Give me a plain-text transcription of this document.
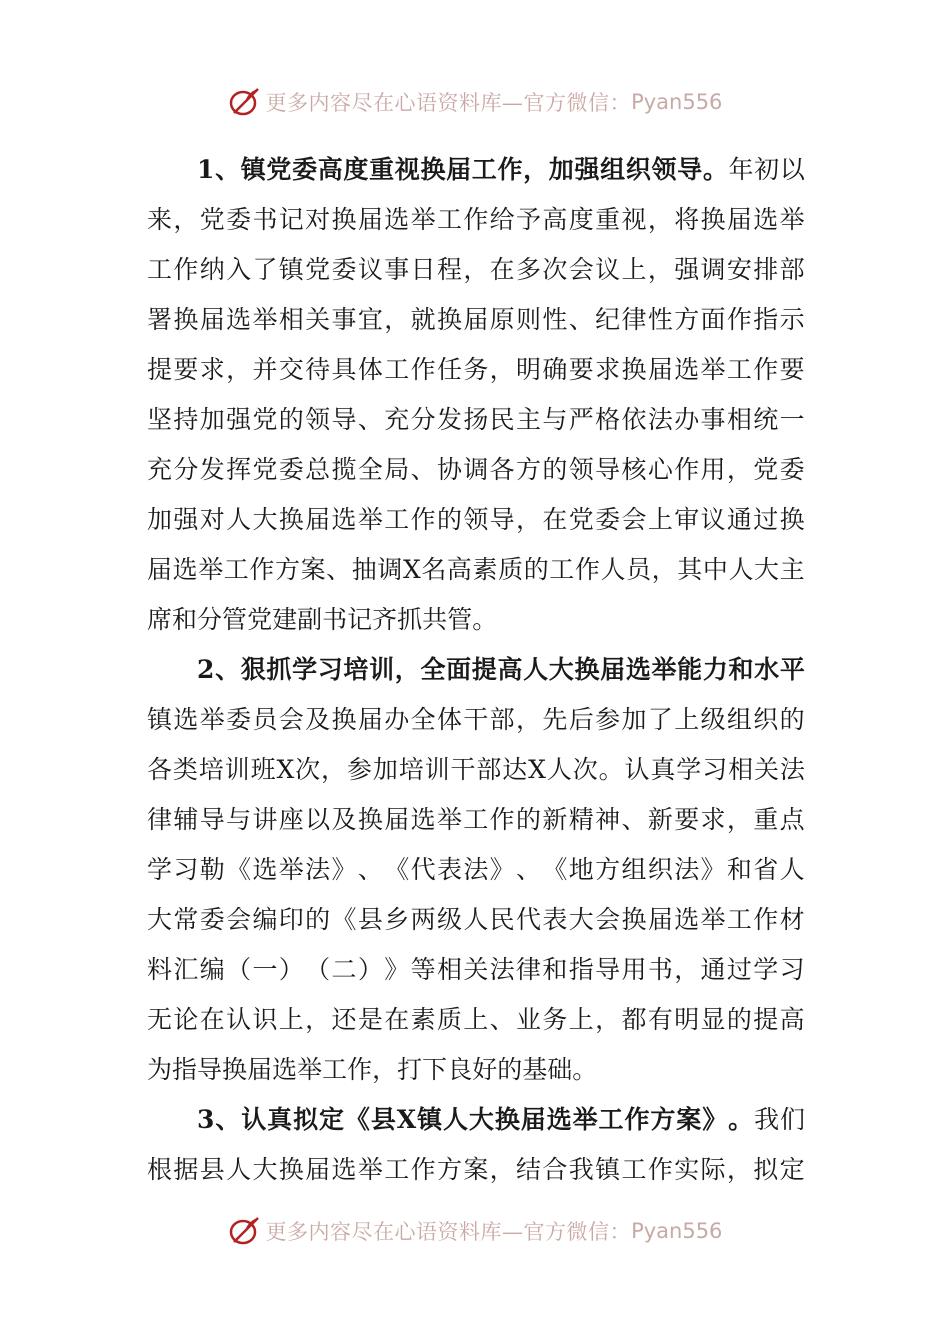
更多内容尽在心语资料库—官方微信： Pyan556
1 、 镇 党 委 高 度 重 视 换 届 工 作 ， 加 强 组 织 领 导 。 年 初 以
来 ， 党 委 书 记 对 换 届 选 举 工 作 给 予 高 度 重 视 ， 将 换 届 选 举
工 作 纳 入 了 镇 党 委 议 事 日 程 ， 在 多 次 会 议 上 ， 强 调 安 排 部
署 换 届 选 举 相 关 事 宜 ， 就 换 届 原 则 性 、 纪 律 性 方 面 作 指 示
提 要 求 ， 并 交 待 具 体 工 作 任 务 ， 明 确 要 求 换 届 选 举 工 作 要
坚 持 加 强 党 的 领 导 、 充 分 发 扬 民 主 与 严 格 依 法 办 事 相 统 一
充 分 发 挥 党 委 总 揽 全 局 、 协 调 各 方 的 领 导 核 心 作 用 ， 党 委
加 强 对 人 大 换 届 选 举 工 作 的 领 导 ， 在 党 委 会 上 审 议 通 过 换
届 选 举 工 作 方 案 、 抽 调 X 名 高 素 质 的 工 作 人 员 ， 其 中 人 大 主
席 和 分 管 党 建 副 书 记 齐 抓 共 管 。
2 、 狠 抓 学 习 培 训 ， 全 面 提 高 人 大 换 届 选 举 能 力 和 水 平
镇 选 举 委 员 会 及 换 届 办 全 体 干 部 ， 先 后 参 加 了 上 级 组 织 的
各 类 培 训 班 X 次 ， 参 加 培 训 干 部 达 X 人 次 。 认 真 学 习 相 关 法
律 辅 导 与 讲 座 以 及 换 届 选 举 工 作 的 新 精 神 、 新 要 求 ， 重 点
学 习 勒 《 选 举 法 》 、 《 代 表 法 》 、 《 地 方 组 织 法 》 和 省 人
大 常 委 会 编 印 的 《 县 乡 两 级 人 民 代 表 大 会 换 届 选 举 工 作 材
料 汇 编 （ 一 ） （ 二 ） 》 等 相 关 法 律 和 指 导 用 书 ， 通 过 学 习
无 论 在 认 识 上 ， 还 是 在 素 质 上 、 业 务 上 ， 都 有 明 显 的 提 高
为 指 导 换 届 选 举 工 作 ， 打 下 良 好 的 基 础 。
3 、 认 真 拟 定 《 县 X 镇 人 大 换 届 选 举 工 作 方 案 》 。 我 们
根 据 县 人 大 换 届 选 举 工 作 方 案 ， 结 合 我 镇 工 作 实 际 ， 拟 定
更多内容尽在心语资料库—官方微信： Pyan556
